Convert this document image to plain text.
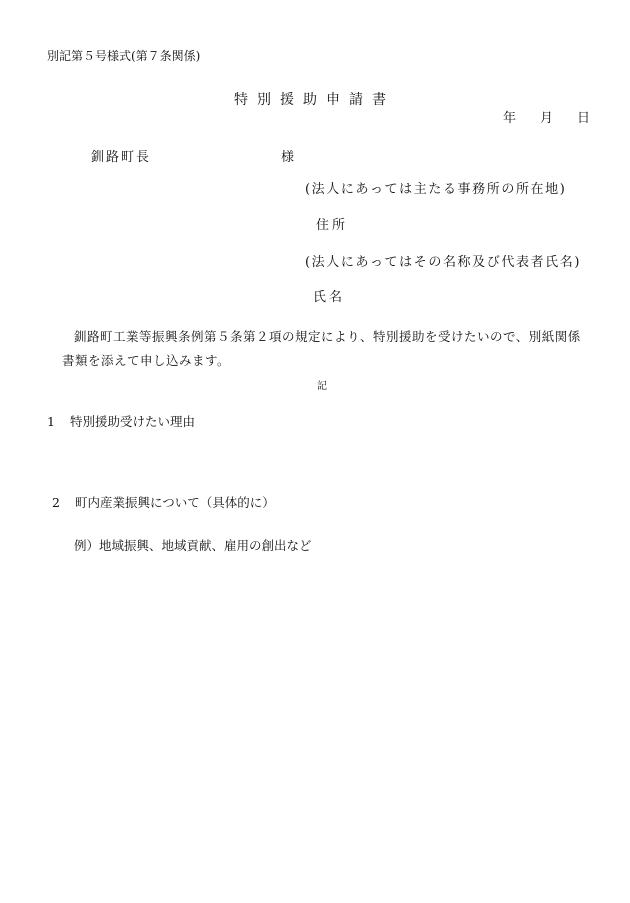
別記第５号様式(第７条関係)
特別援助申請書
年 月 日
釧路町長	様
(法人にあっては主たる事務所の所在地)
住所
(法人にあってはその名称及び代表者氏名)
氏名
釧路町工業等振興条例第５条第２項の規定により、特別援助を受けたいので、別紙関係
書類を添えて申し込みます。
記
1 特別援助受けたい理由
2 町内産業振興について（具体的に）
例）地域振興、地域貢献、雇用の創出など
